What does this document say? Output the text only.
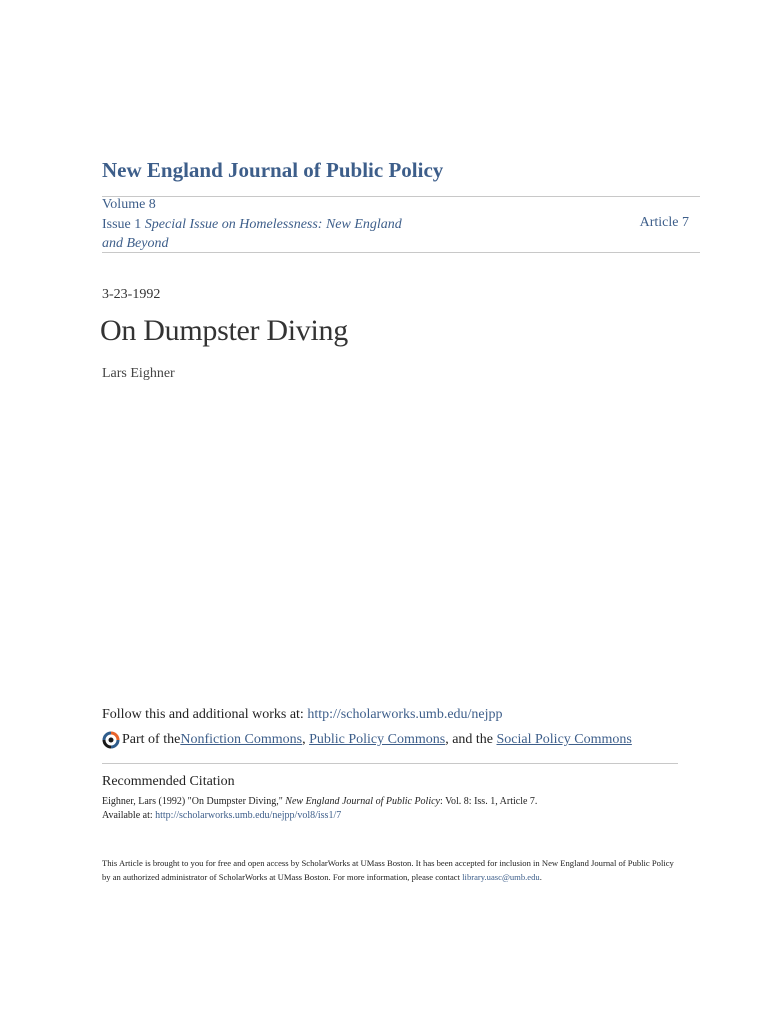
New England Journal of Public Policy
Volume 8
Issue 1 Special Issue on Homelessness: New England and Beyond
Article 7
3-23-1992
On Dumpster Diving
Lars Eighner
Follow this and additional works at: http://scholarworks.umb.edu/nejpp
Part of the Nonfiction Commons , Public Policy Commons , and the Social Policy Commons
Recommended Citation
Eighner, Lars (1992) "On Dumpster Diving," New England Journal of Public Policy: Vol. 8: Iss. 1, Article 7.
Available at: http://scholarworks.umb.edu/nejpp/vol8/iss1/7
This Article is brought to you for free and open access by ScholarWorks at UMass Boston. It has been accepted for inclusion in New England Journal of Public Policy by an authorized administrator of ScholarWorks at UMass Boston. For more information, please contact library.uasc@umb.edu.
